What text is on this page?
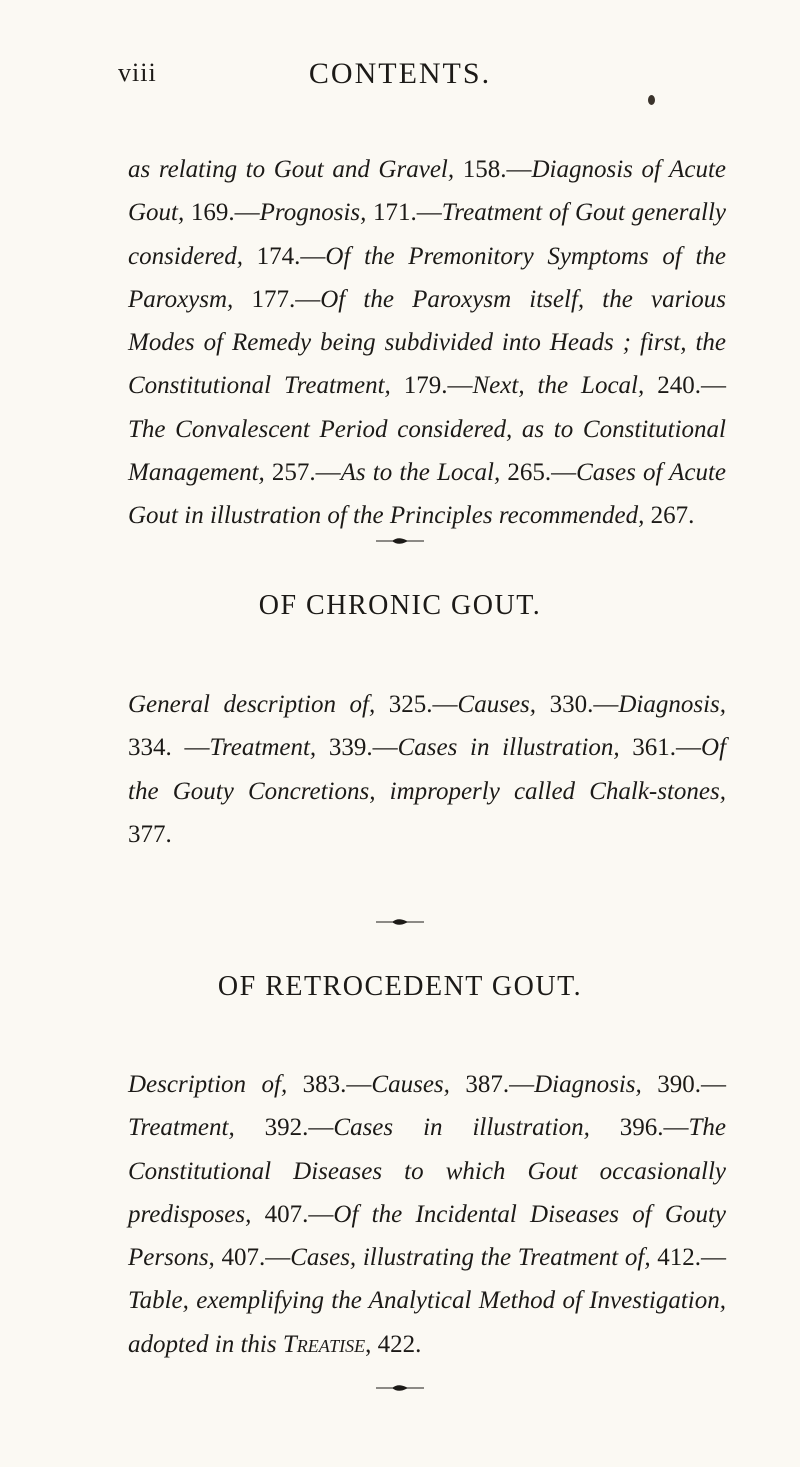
viii	CONTENTS.

as relating to Gout and Gravel, 158.—Diagnosis of Acute Gout, 169.—Prognosis, 171.—Treatment of Gout generally considered, 174.—Of the Premonitory Symptoms of the Paroxysm, 177.—Of the Paroxysm itself, the various Modes of Remedy being subdivided into Heads ; first, the Constitutional Treatment, 179.—Next, the Local, 240.—The Convalescent Period considered, as to Constitutional Management, 257.—As to the Local, 265.—Cases of Acute Gout in illustration of the Principles recommended, 267.

OF CHRONIC GOUT.

General description of, 325.—Causes, 330.—Diagnosis, 334. —Treatment, 339.—Cases in illustration, 361.—Of the Gouty Concretions, improperly called Chalk-stones, 377.

OF RETROCEDENT GOUT.

Description of, 383.—Causes, 387.—Diagnosis, 390.—Treatment, 392.—Cases in illustration, 396.—The Constitutional Diseases to which Gout occasionally predisposes, 407.—Of the Incidental Diseases of Gouty Persons, 407.—Cases, illustrating the Treatment of, 412.—Table, exemplifying the Analytical Method of Investigation, adopted in this Treatise, 422.
